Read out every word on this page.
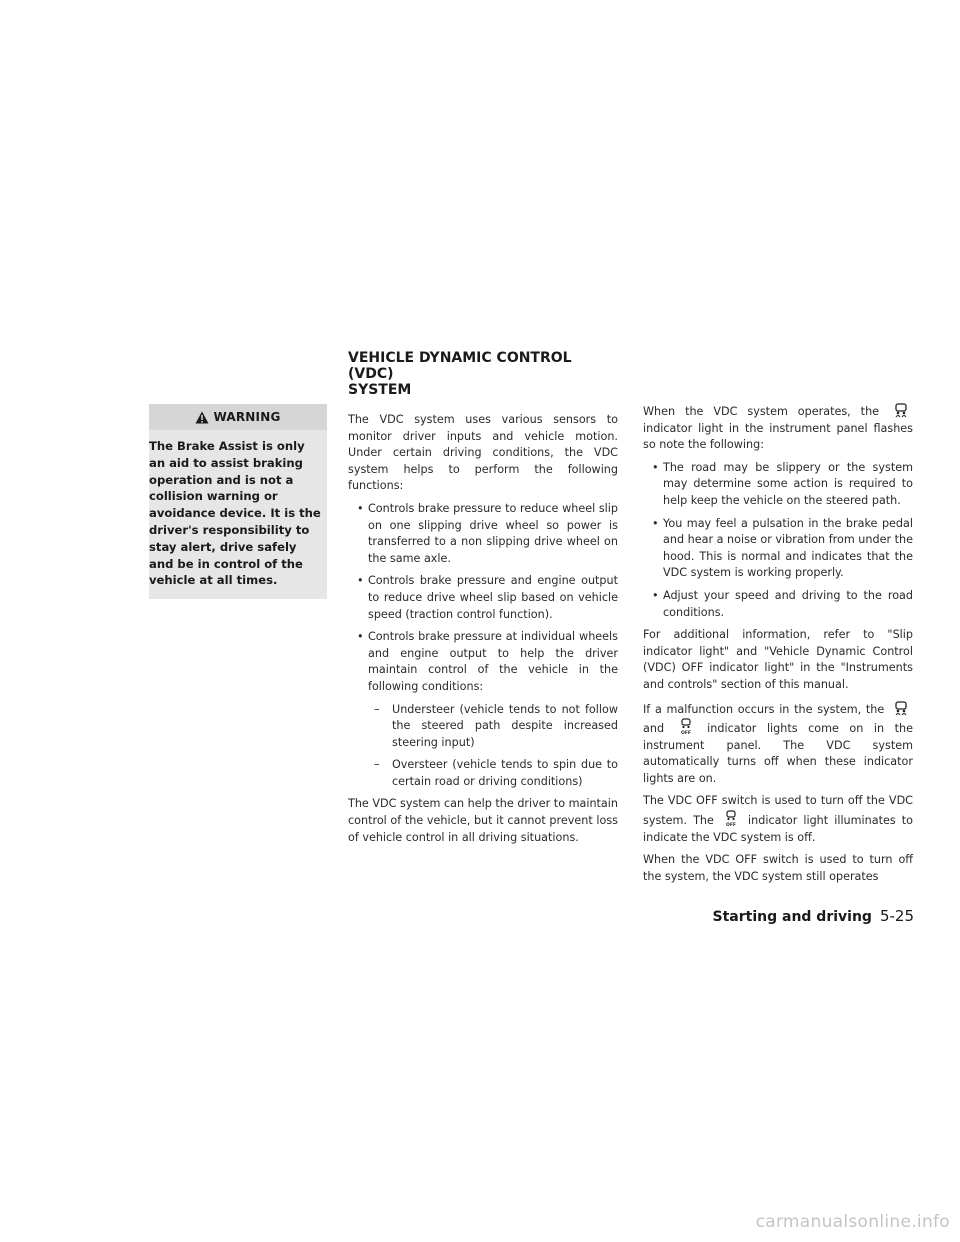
WARNING
The Brake Assist is only an aid to assist braking operation and is not a collision warning or avoidance device. It is the driver's responsibility to stay alert, drive safely and be in control of the vehicle at all times.
VEHICLE DYNAMIC CONTROL (VDC)
SYSTEM

The VDC system uses various sensors to monitor driver inputs and vehicle motion. Under certain driving conditions, the VDC system helps to perform the following functions:

• Controls brake pressure to reduce wheel slip on one slipping drive wheel so power is transferred to a non slipping drive wheel on the same axle.
• Controls brake pressure and engine output to reduce drive wheel slip based on vehicle speed (traction control function).
• Controls brake pressure at individual wheels and engine output to help the driver maintain control of the vehicle in the following conditions:
– Understeer (vehicle tends to not follow the steered path despite increased steering input)
– Oversteer (vehicle tends to spin due to certain road or driving conditions)

The VDC system can help the driver to maintain control of the vehicle, but it cannot prevent loss of vehicle control in all driving situations.

When the VDC system operates, the  indicator light in the instrument panel flashes so note the following:

• The road may be slippery or the system may determine some action is required to help keep the vehicle on the steered path.
• You may feel a pulsation in the brake pedal and hear a noise or vibration from under the hood. This is normal and indicates that the VDC system is working properly.
• Adjust your speed and driving to the road conditions.

For additional information, refer to "Slip indicator light" and "Vehicle Dynamic Control (VDC) OFF indicator light" in the "Instruments and controls" section of this manual.

If a malfunction occurs in the system, the  and	OFF indicator lights come on in the instrument panel. The VDC system automatically turns off when these indicator lights are on.

The VDC OFF switch is used to turn off the VDC system. The	OFF indicator light illuminates to indicate the VDC system is off.

When the VDC OFF switch is used to turn off the system, the VDC system still operates

Starting and driving 5-25
carmanualsonline.info
